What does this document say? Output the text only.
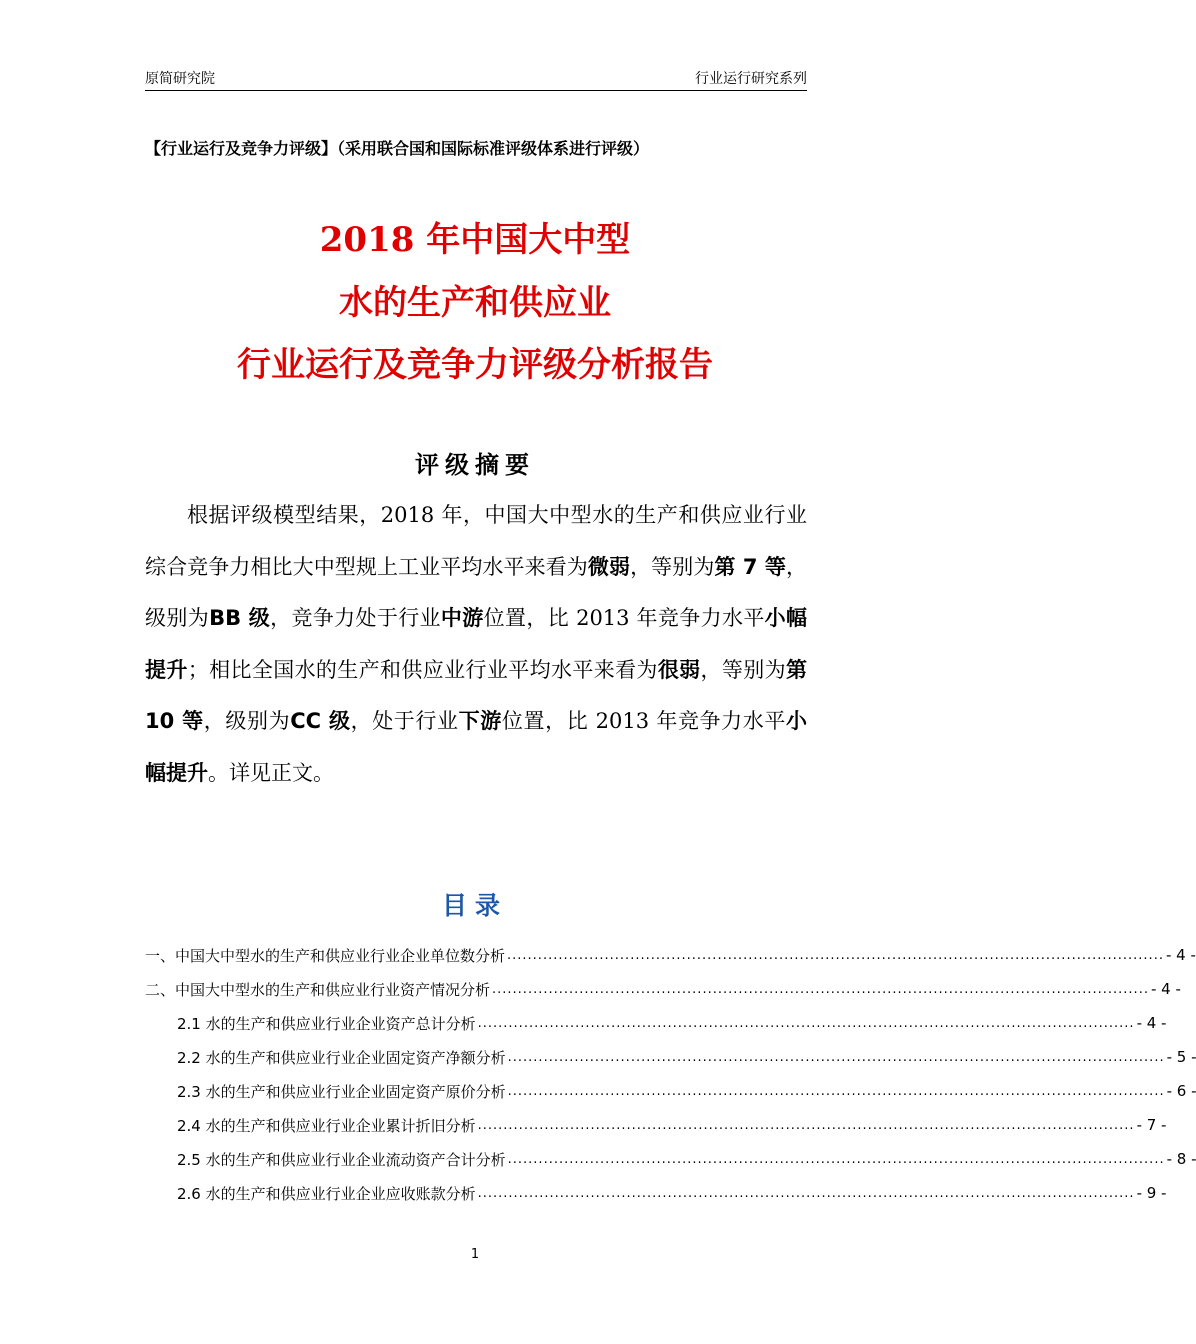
原简研究院	行业运行研究系列
【行业运行及竞争力评级】（采用联合国和国际标准评级体系进行评级）
2018 年中国大中型
水的生产和供应业
行业运行及竞争力评级分析报告
评级摘要

根据评级模型结果，2018 年，中国大中型水的生产和供应业行业综合竞争力相比大中型规上工业平均水平来看为微弱，等别为第 7 等，级别为BB 级，竞争力处于行业中游位置，比 2013 年竞争力水平小幅提升；相比全国水的生产和供应业行业平均水平来看为很弱，等别为第 10 等，级别为CC 级，处于行业下游位置，比 2013 年竞争力水平小幅提升。详见正文。

目录
一、中国大中型水的生产和供应业行业企业单位数分析 ................................................................................................................................ - 4 -
二、中国大中型水的生产和供应业行业资产情况分析 ................................................................................................................................ - 4 -
2.1 水的生产和供应业行业企业资产总计分析 ................................................................................................................................ - 4 -
2.2 水的生产和供应业行业企业固定资产净额分析 ................................................................................................................................ - 5 -
2.3 水的生产和供应业行业企业固定资产原价分析 ................................................................................................................................ - 6 -
2.4 水的生产和供应业行业企业累计折旧分析 ................................................................................................................................ - 7 -
2.5 水的生产和供应业行业企业流动资产合计分析 ................................................................................................................................ - 8 -
2.6 水的生产和供应业行业企业应收账款分析 ................................................................................................................................ - 9 -
1
